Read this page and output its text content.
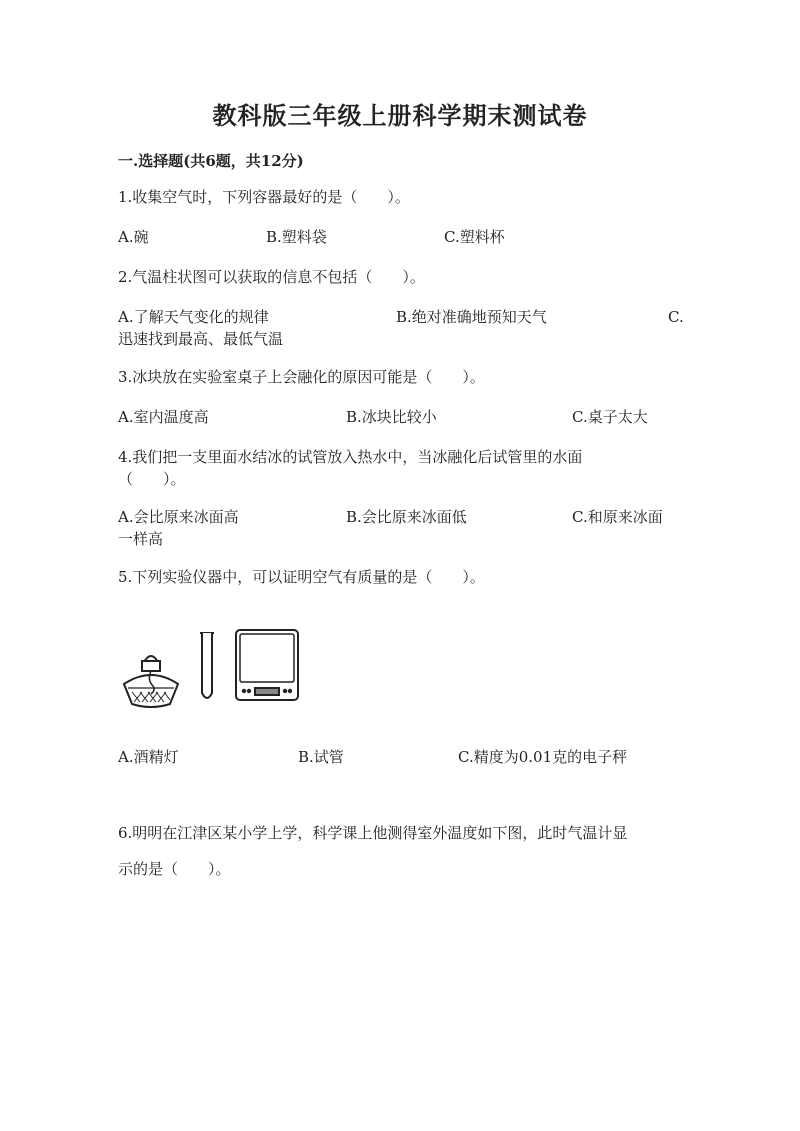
教科版三年级上册科学期末测试卷
一.选择题(共6题，共12分)
1.收集空气时，下列容器最好的是（　　）。
A.碗	B.塑料袋	C.塑料杯
2.气温柱状图可以获取的信息不包括（　　）。
A.了解天气变化的规律	B.绝对准确地预知天气	C.
迅速找到最高、最低气温
3.冰块放在实验室桌子上会融化的原因可能是（　　）。
A.室内温度高	B.冰块比较小	C.桌子太大
4.我们把一支里面水结冰的试管放入热水中，当冰融化后试管里的水面
（　　）。
A.会比原来冰面高	B.会比原来冰面低	C.和原来冰面
一样高
5.下列实验仪器中，可以证明空气有质量的是（　　）。
A.酒精灯	B.试管	C.精度为0.01克的电子秤
6.明明在江津区某小学上学，科学课上他测得室外温度如下图，此时气温计显
示的是（　　）。
